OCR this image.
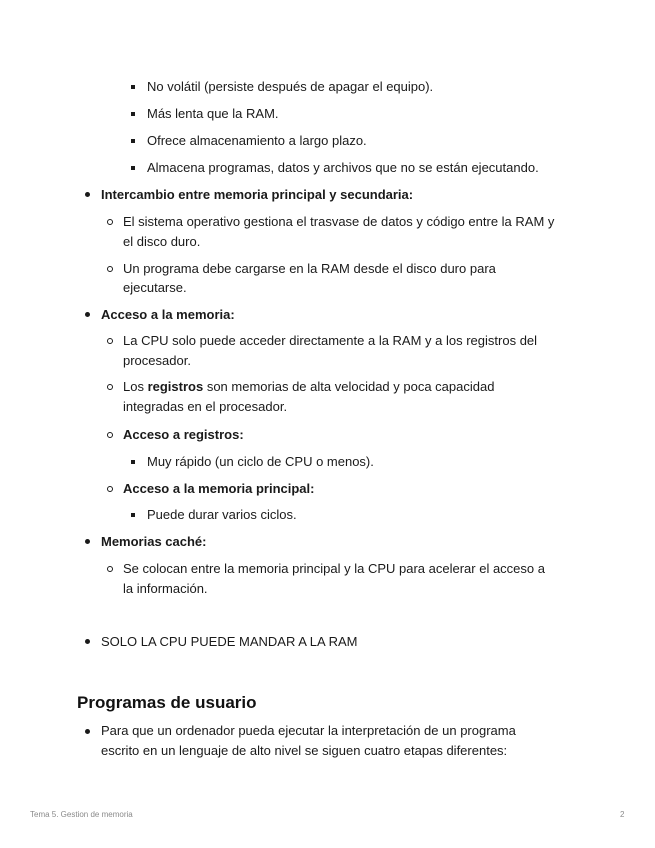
No volátil (persiste después de apagar el equipo).
Más lenta que la RAM.
Ofrece almacenamiento a largo plazo.
Almacena programas, datos y archivos que no se están ejecutando.
Intercambio entre memoria principal y secundaria:
El sistema operativo gestiona el trasvase de datos y código entre la RAM y
el disco duro.
Un programa debe cargarse en la RAM desde el disco duro para
ejecutarse.
Acceso a la memoria:
La CPU solo puede acceder directamente a la RAM y a los registros del
procesador.
Los registros son memorias de alta velocidad y poca capacidad
integradas en el procesador.
Acceso a registros:
Muy rápido (un ciclo de CPU o menos).
Acceso a la memoria principal:
Puede durar varios ciclos.
Memorias caché:
Se colocan entre la memoria principal y la CPU para acelerar el acceso a
la información.
SOLO LA CPU PUEDE MANDAR A LA RAM
Programas de usuario
Para que un ordenador pueda ejecutar la interpretación de un programa
escrito en un lenguaje de alto nivel se siguen cuatro etapas diferentes:
Tema 5. Gestion de memoria	2
